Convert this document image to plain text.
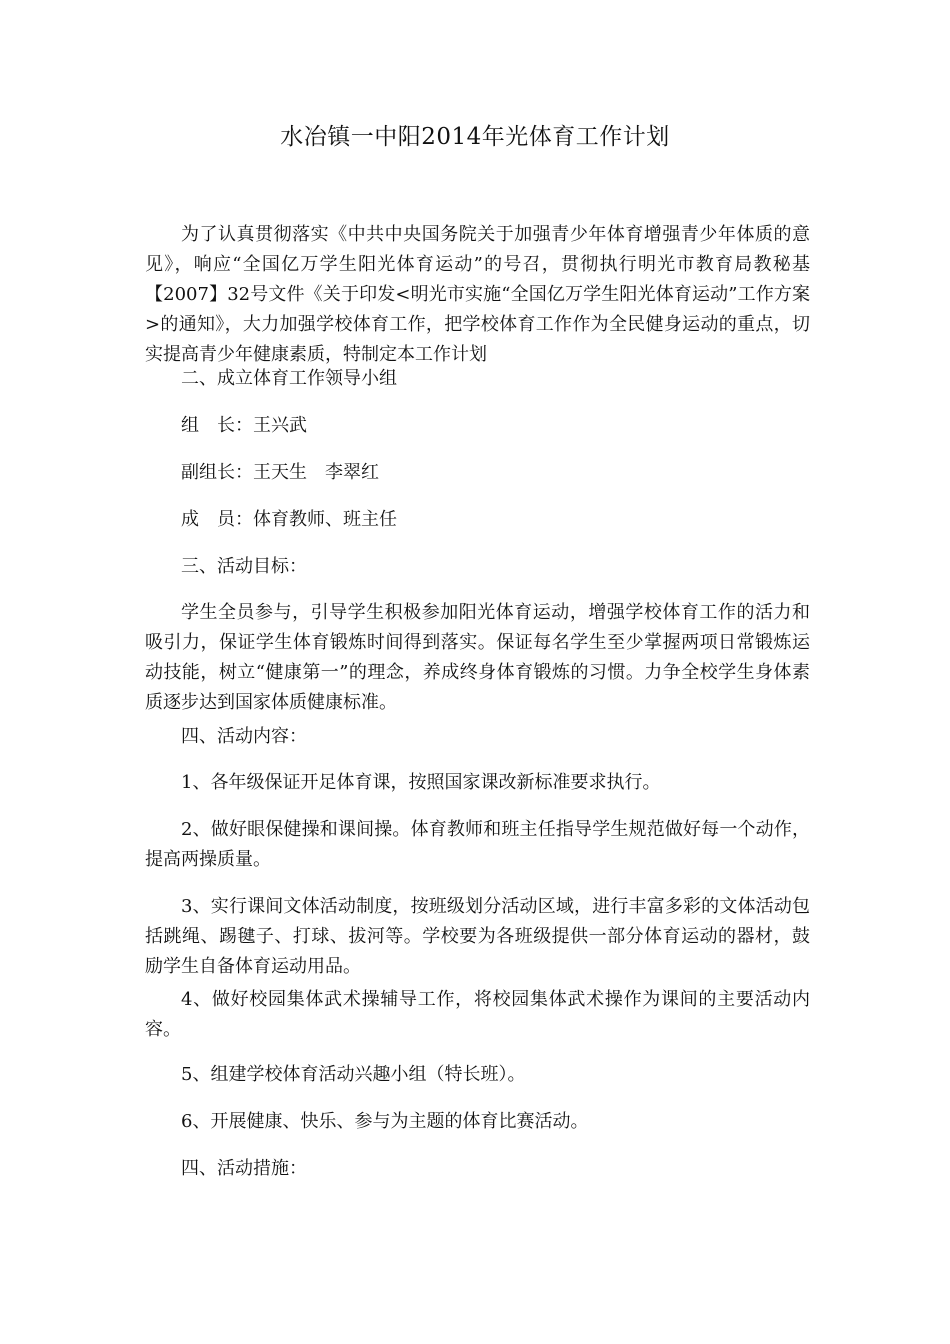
水冶镇一中阳2014年光体育工作计划
为了认真贯彻落实《中共中央国务院关于加强青少年体育增强青少年体质的意见》，响应“全国亿万学生阳光体育运动”的号召，贯彻执行明光市教育局教秘基【2007】32号文件《关于印发<明光市实施“全国亿万学生阳光体育运动”工作方案>的通知》，大力加强学校体育工作，把学校体育工作作为全民健身运动的重点，切实提高青少年健康素质，特制定本工作计划
二、成立体育工作领导小组
组　长：王兴武
副组长：王天生　李翠红
成　员：体育教师、班主任
三、活动目标：
学生全员参与，引导学生积极参加阳光体育运动，增强学校体育工作的活力和吸引力，保证学生体育锻炼时间得到落实。保证每名学生至少掌握两项日常锻炼运动技能，树立“健康第一”的理念，养成终身体育锻炼的习惯。力争全校学生身体素质逐步达到国家体质健康标准。
四、活动内容：
1、各年级保证开足体育课，按照国家课改新标准要求执行。
2、做好眼保健操和课间操。体育教师和班主任指导学生规范做好每一个动作，提高两操质量。
3、实行课间文体活动制度，按班级划分活动区域，进行丰富多彩的文体活动包括跳绳、踢毽子、打球、拔河等。学校要为各班级提供一部分体育运动的器材，鼓励学生自备体育运动用品。
4、做好校园集体武术操辅导工作，将校园集体武术操作为课间的主要活动内容。
5、组建学校体育活动兴趣小组（特长班）。
6、开展健康、快乐、参与为主题的体育比赛活动。
四、活动措施：
